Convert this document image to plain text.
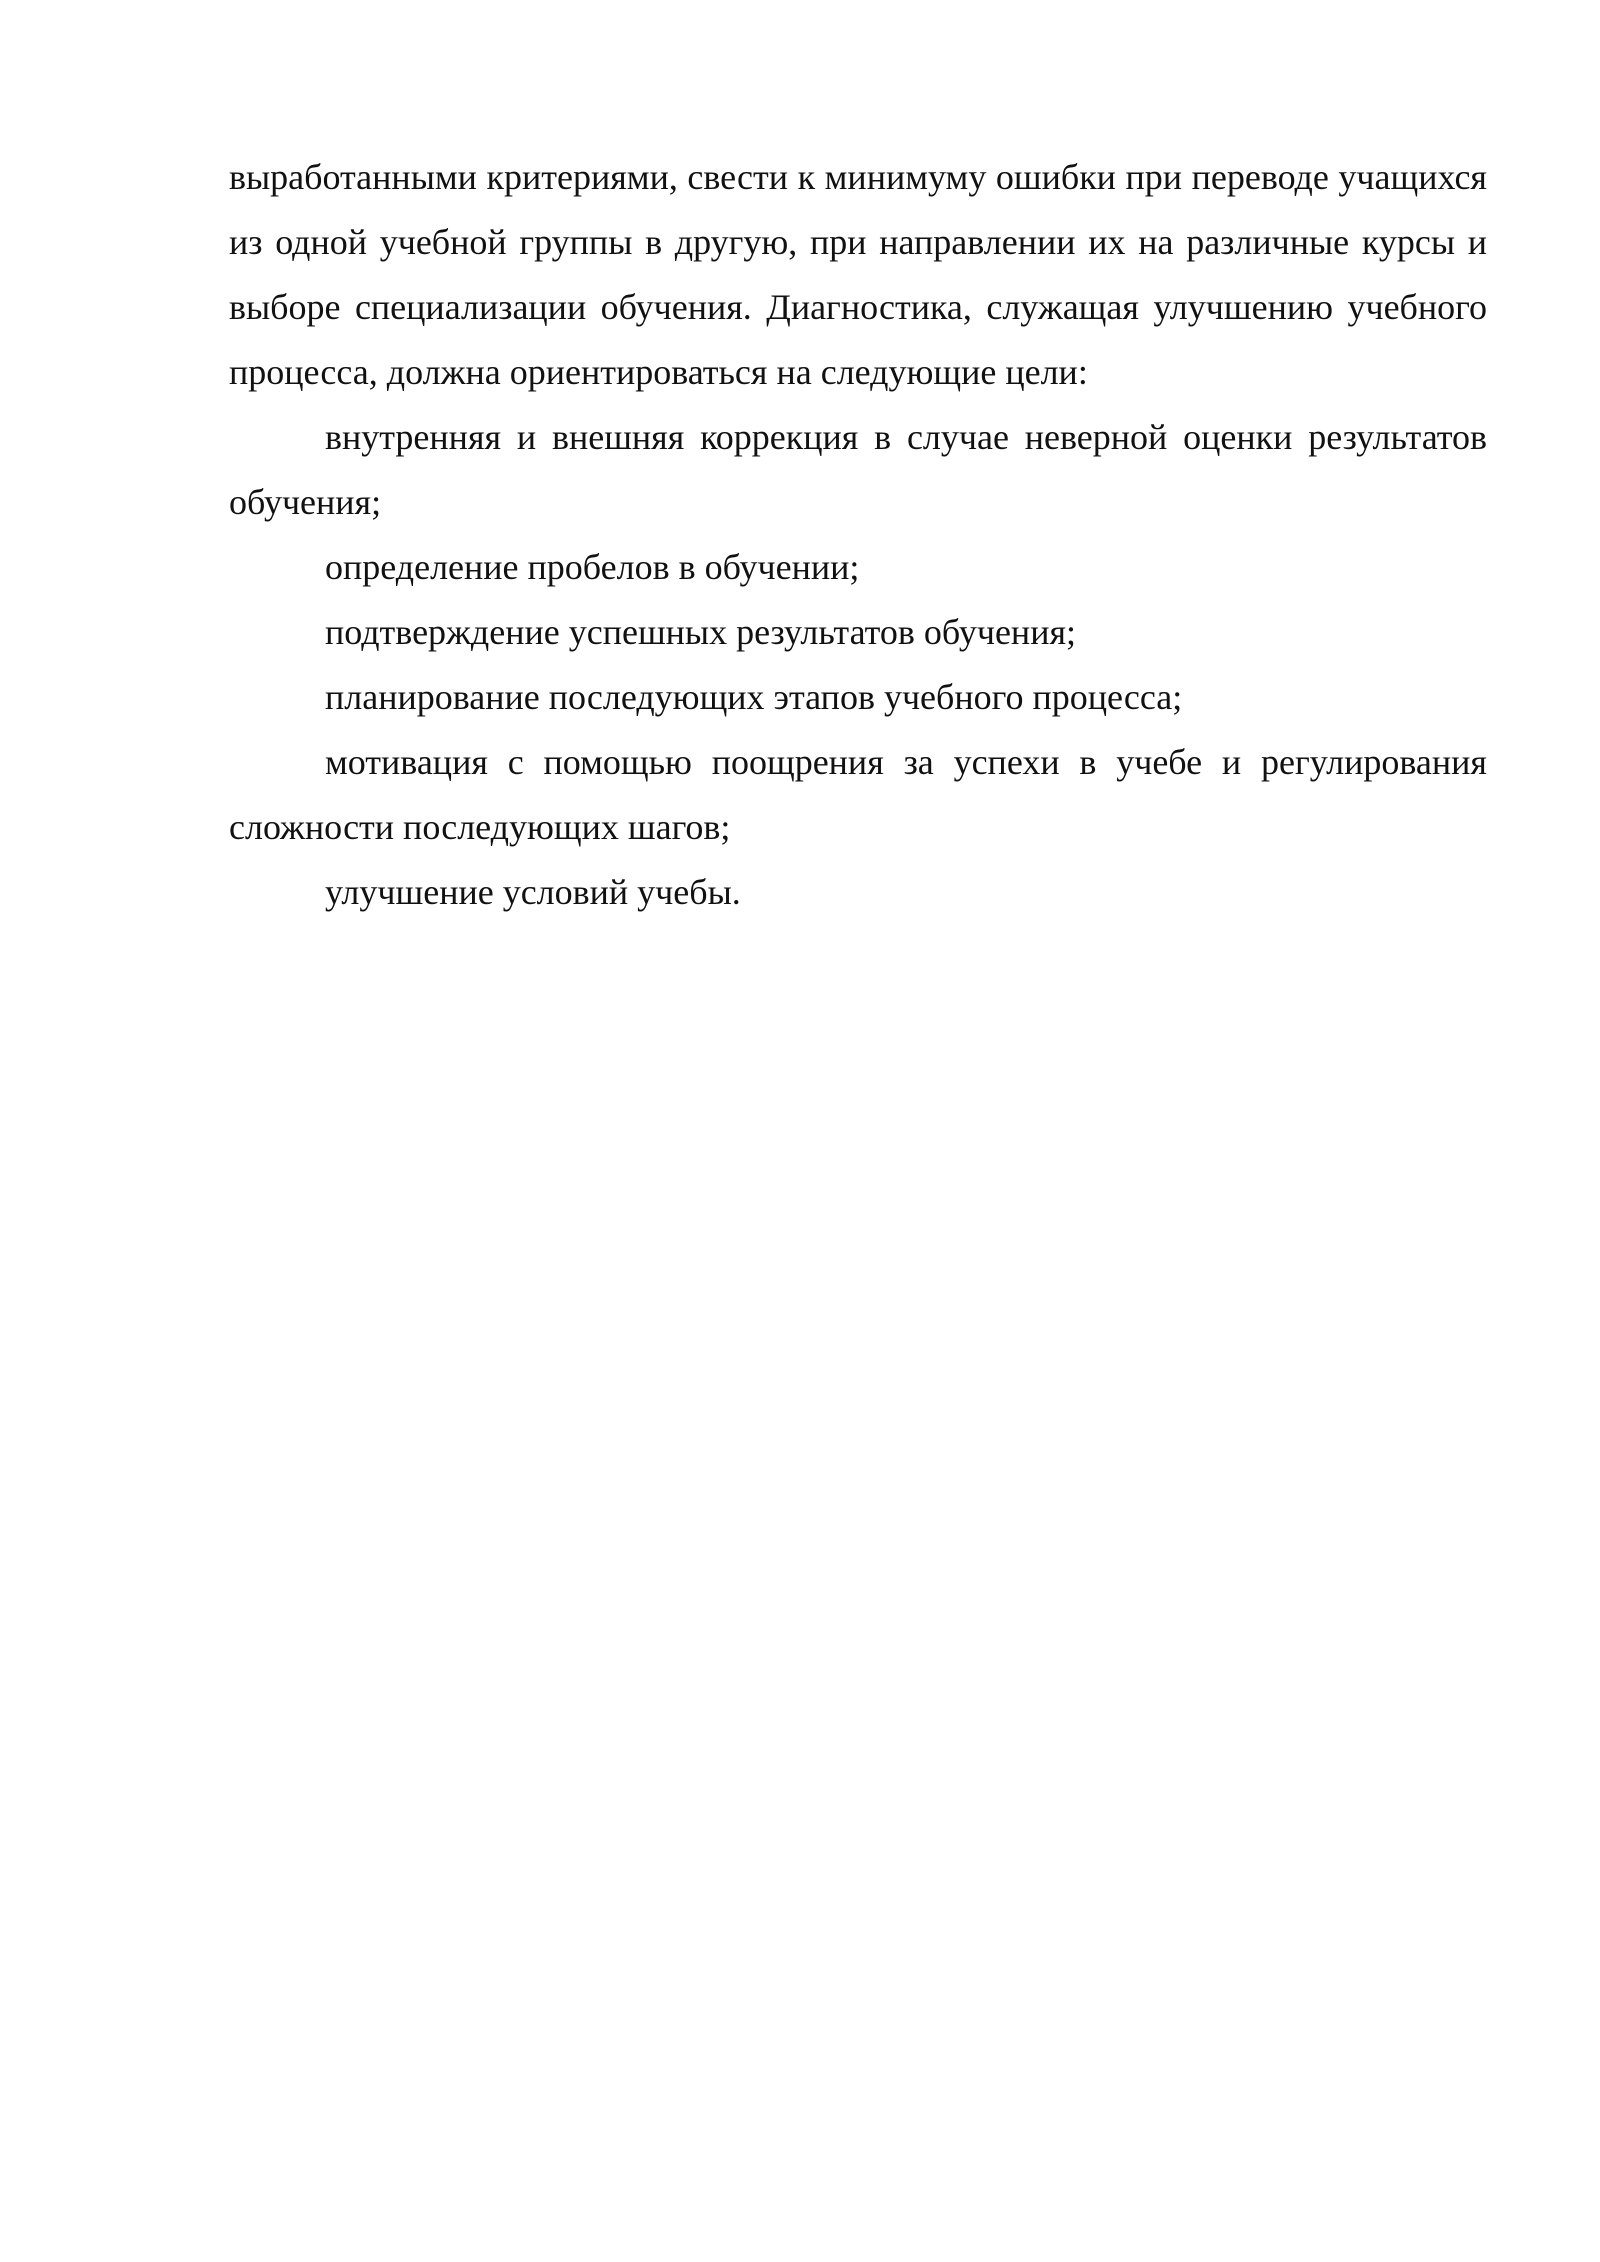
выработанными критериями, свести к минимуму ошибки при переводе учащихся из одной учебной группы в другую, при направлении их на различные курсы и выборе специализации обучения. Диагностика, служащая улучшению учебного процесса, должна ориентироваться на следующие цели:

внутренняя и внешняя коррекция в случае неверной оценки результатов обучения;

определение пробелов в обучении;

подтверждение успешных результатов обучения;

планирование последующих этапов учебного процесса;

мотивация с помощью поощрения за успехи в учебе и регулирования сложности последующих шагов;

улучшение условий учебы.
